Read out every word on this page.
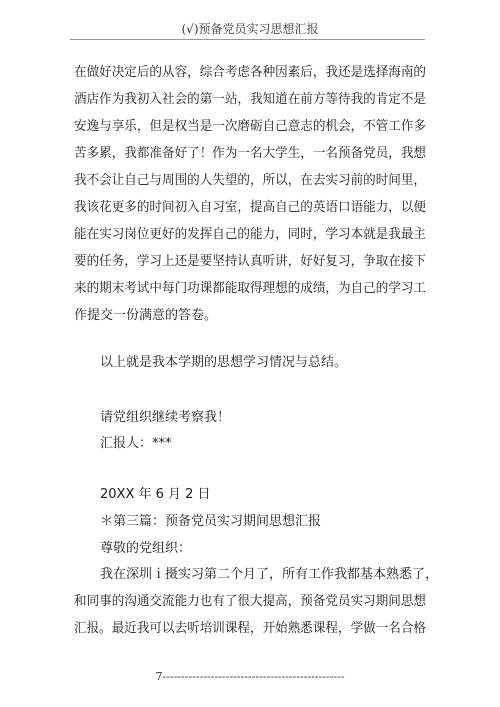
(√)预备党员实习思想汇报
在做好决定后的从容，综合考虑各种因素后，我还是选择海南的
酒店作为我初入社会的第一站，我知道在前方等待我的肯定不是
安逸与享乐，但是权当是一次磨砺自己意志的机会，不管工作多
苦多累，我都准备好了！作为一名大学生，一名预备党员，我想
我不会让自己与周围的人失望的，所以，在去实习前的时间里，
我该花更多的时间初入自习室，提高自己的英语口语能力，以便
能在实习岗位更好的发挥自己的能力，同时，学习本就是我最主
要的任务，学习上还是要坚持认真听讲，好好复习，争取在接下
来的期末考试中每门功课都能取得理想的成绩，为自己的学习工
作提交一份满意的答卷。
以上就是我本学期的思想学习情况与总结。
请党组织继续考察我！
汇报人：***
20XX 年 6 月 2 日
＊第三篇：预备党员实习期间思想汇报
尊敬的党组织：
我在深圳ｉ摄实习第二个月了，所有工作我都基本熟悉了，
和同事的沟通交流能力也有了很大提高，预备党员实习期间思想
汇报。最近我可以去听培训课程，开始熟悉课程，学做一名合格
7-------------------------------------------------
